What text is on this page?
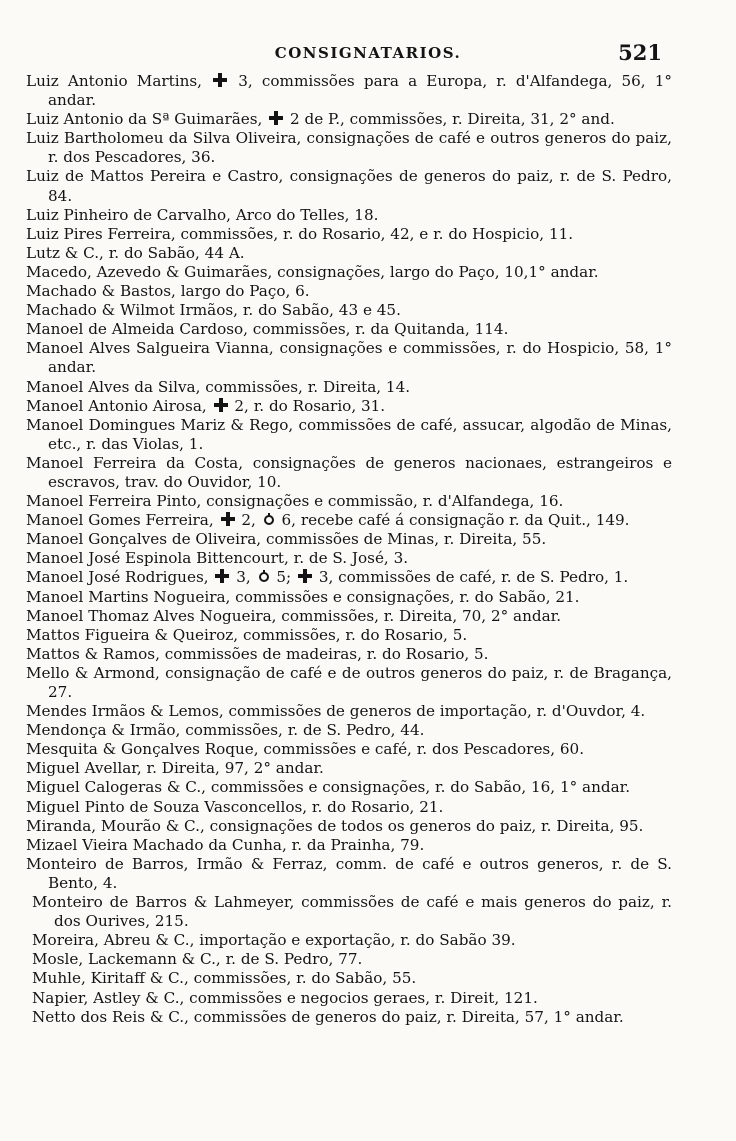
CONSIGNATARIOS.	521
Luiz Antonio Martins,  3, commissões para a Europa, r. d'Alfandega, 56, 1° andar.
Luiz Antonio da Sª Guimarães,  2 de P., commissões, r. Direita, 31, 2° and.
Luiz Bartholomeu da Silva Oliveira, consignações de café e outros generos do paiz, r. dos Pescadores, 36.
Luiz de Mattos Pereira e Castro, consignações de generos do paiz, r. de S. Pedro, 84.
Luiz Pinheiro de Carvalho, Arco do Telles, 18.
Luiz Pires Ferreira, commissões, r. do Rosario, 42, e r. do Hospicio, 11.
Lutz & C., r. do Sabão, 44 A.
Macedo, Azevedo & Guimarães, consignações, largo do Paço, 10,1° andar.
Machado & Bastos, largo do Paço, 6.
Machado & Wilmot Irmãos, r. do Sabão, 43 e 45.
Manoel de Almeida Cardoso, commissões, r. da Quitanda, 114.
Manoel Alves Salgueira Vianna, consignações e commissões, r. do Hospicio, 58, 1° andar.
Manoel Alves da Silva, commissões, r. Direita, 14.
Manoel Antonio Airosa,  2, r. do Rosario, 31.
Manoel Domingues Mariz & Rego, commissões de café, assucar, algodão de Minas, etc., r. das Violas, 1.
Manoel Ferreira da Costa, consignações de generos nacionaes, estrangeiros e escravos, trav. do Ouvidor, 10.
Manoel Ferreira Pinto, consignações e commissão, r. d'Alfandega, 16.
Manoel Gomes Ferreira,  2,  6, recebe café á consignação r. da Quit., 149.
Manoel Gonçalves de Oliveira, commissões de Minas, r. Direita, 55.
Manoel José Espinola Bittencourt, r. de S. José, 3.
Manoel José Rodrigues,  3,  5;  3, commissões de café, r. de S. Pedro, 1.
Manoel Martins Nogueira, commissões e consignações, r. do Sabão, 21.
Manoel Thomaz Alves Nogueira, commissões, r. Direita, 70, 2° andar.
Mattos Figueira & Queiroz, commissões, r. do Rosario, 5.
Mattos & Ramos, commissões de madeiras, r. do Rosario, 5.
Mello & Armond, consignação de café e de outros generos do paiz, r. de Bragança, 27.
Mendes Irmãos & Lemos, commissões de generos de importação, r. d'Ouvdor, 4.
Mendonça & Irmão, commissões, r. de S. Pedro, 44.
Mesquita & Gonçalves Roque, commissões e café, r. dos Pescadores, 60.
Miguel Avellar, r. Direita, 97, 2° andar.
Miguel Calogeras & C., commissões e consignações, r. do Sabão, 16, 1° andar.
Miguel Pinto de Souza Vasconcellos, r. do Rosario, 21.
Miranda, Mourão & C., consignações de todos os generos do paiz, r. Direita, 95.
Mizael Vieira Machado da Cunha, r. da Prainha, 79.
Monteiro de Barros, Irmão & Ferraz, comm. de café e outros generos, r. de S. Bento, 4.
Monteiro de Barros & Lahmeyer, commissões de café e mais generos do paiz, r. dos Ourives, 215.
Moreira, Abreu & C., importação e exportação, r. do Sabão 39.
Mosle, Lackemann & C., r. de S. Pedro, 77.
Muhle, Kiritaff & C., commissões, r. do Sabão, 55.
Napier, Astley & C., commissões e negocios geraes, r. Direit, 121.
Netto dos Reis & C., commissões de generos do paiz, r. Direita, 57, 1° andar.
